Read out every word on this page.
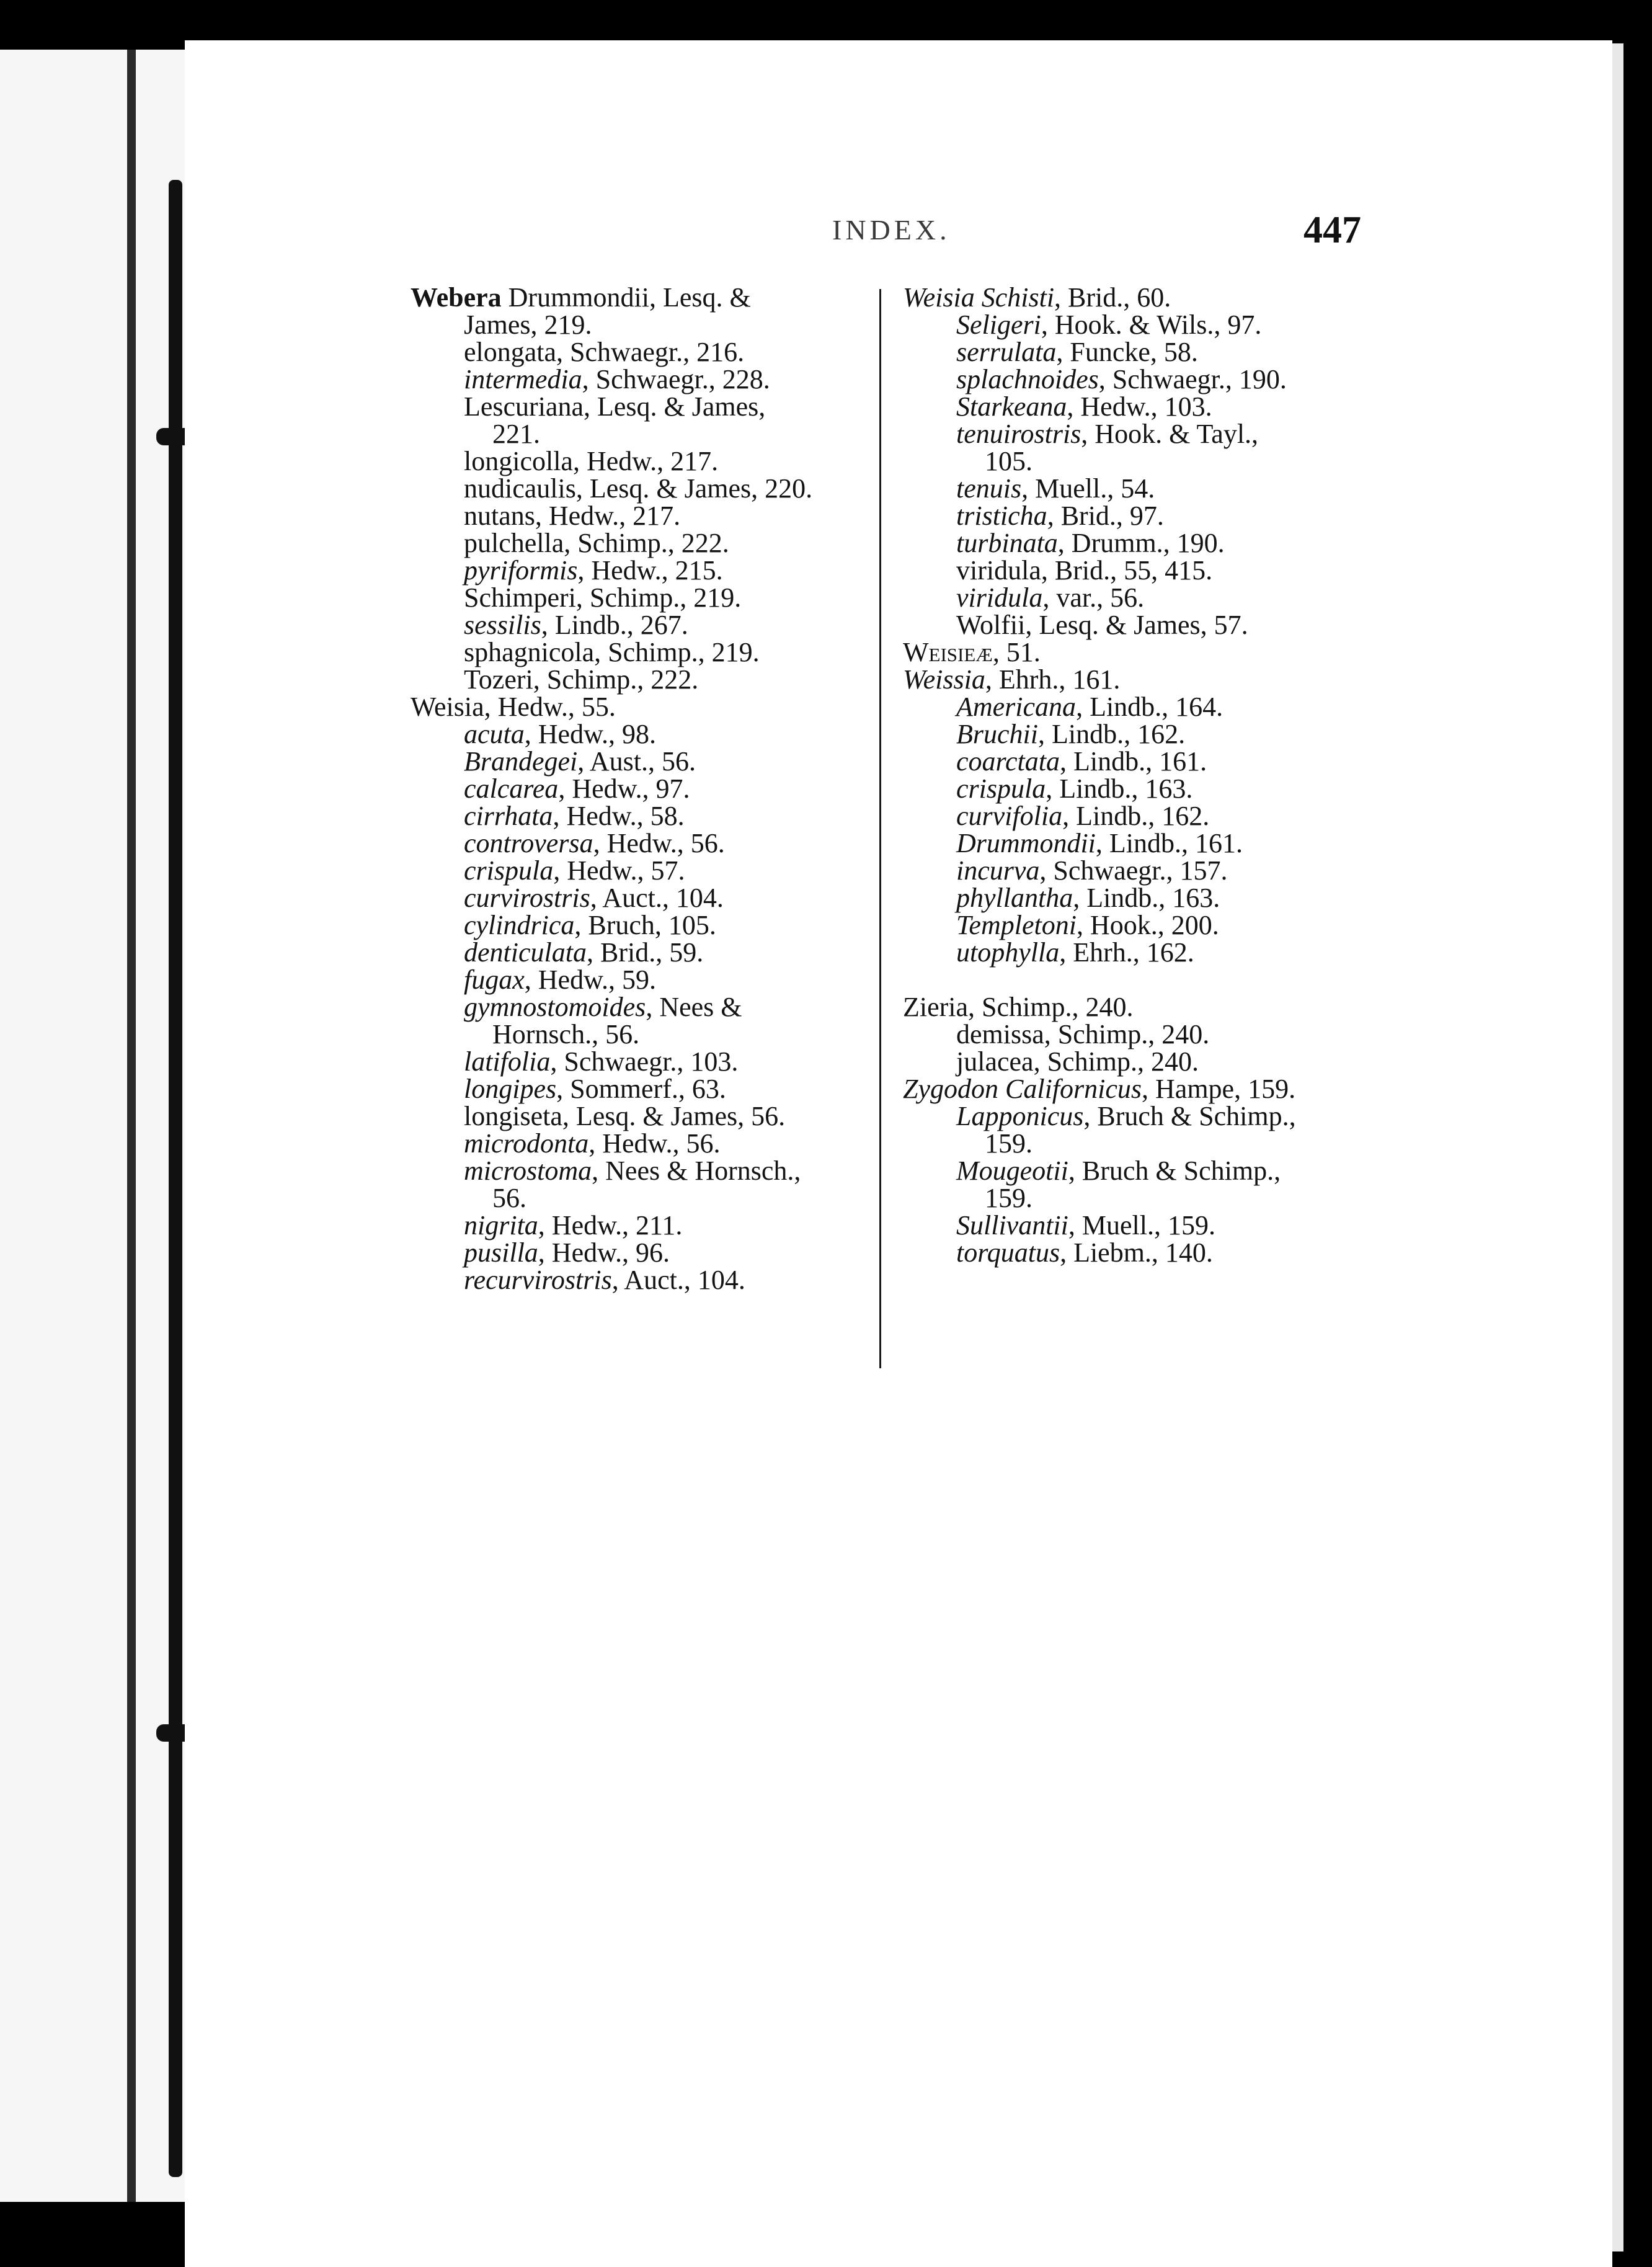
INDEX.	447
Webera Drummondii, Lesq. &
James, 219.
elongata, Schwaegr., 216.
intermedia, Schwaegr., 228.
Lescuriana, Lesq. & James,
221.
longicolla, Hedw., 217.
nudicaulis, Lesq. & James, 220.
nutans, Hedw., 217.
pulchella, Schimp., 222.
pyriformis, Hedw., 215.
Schimperi, Schimp., 219.
sessilis, Lindb., 267.
sphagnicola, Schimp., 219.
Tozeri, Schimp., 222.
Weisia, Hedw., 55.
acuta, Hedw., 98.
Brandegei, Aust., 56.
calcarea, Hedw., 97.
cirrhata, Hedw., 58.
controversa, Hedw., 56.
crispula, Hedw., 57.
curvirostris, Auct., 104.
cylindrica, Bruch, 105.
denticulata, Brid., 59.
fugax, Hedw., 59.
gymnostomoides, Nees &
Hornsch., 56.
latifolia, Schwaegr., 103.
longipes, Sommerf., 63.
longiseta, Lesq. & James, 56.
microdonta, Hedw., 56.
microstoma, Nees & Hornsch.,
56.
nigrita, Hedw., 211.
pusilla, Hedw., 96.
recurvirostris, Auct., 104.
Weisia Schisti, Brid., 60.
Seligeri, Hook. & Wils., 97.
serrulata, Funcke, 58.
splachnoides, Schwaegr., 190.
Starkeana, Hedw., 103.
tenuirostris, Hook. & Tayl.,
105.
tenuis, Muell., 54.
tristicha, Brid., 97.
turbinata, Drumm., 190.
viridula, Brid., 55, 415.
viridula, var., 56.
Wolfii, Lesq. & James, 57.
Weisieæ, 51.
Weissia, Ehrh., 161.
Americana, Lindb., 164.
Bruchii, Lindb., 162.
coarctata, Lindb., 161.
crispula, Lindb., 163.
curvifolia, Lindb., 162.
Drummondii, Lindb., 161.
incurva, Schwaegr., 157.
phyllantha, Lindb., 163.
Templetoni, Hook., 200.
utophylla, Ehrh., 162.
Zieria, Schimp., 240.
demissa, Schimp., 240.
julacea, Schimp., 240.
Zygodon Californicus, Hampe, 159.
Lapponicus, Bruch & Schimp.,
159.
Mougeotii, Bruch & Schimp.,
159.
Sullivantii, Muell., 159.
torquatus, Liebm., 140.
